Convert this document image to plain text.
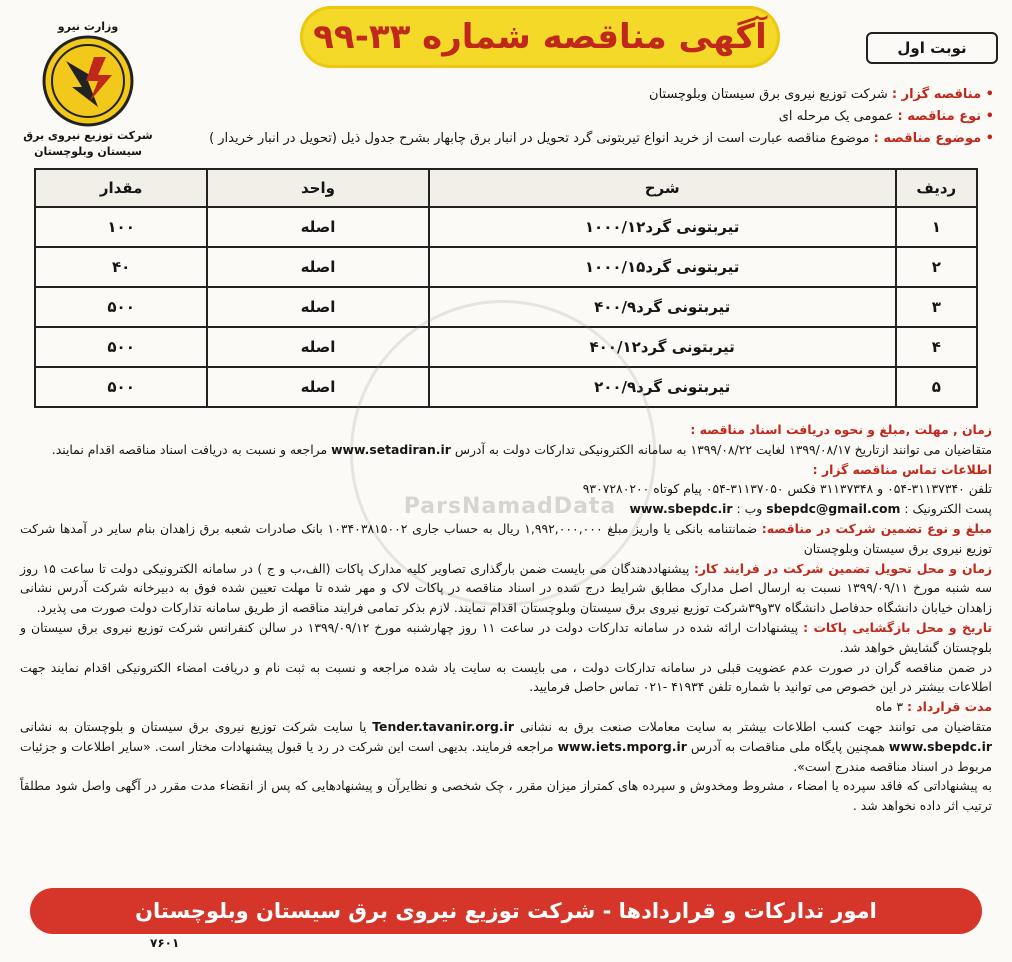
وزارت نیرو
شرکت توزیع نیروی برق
سیستان وبلوچستان
آگهی مناقصه شماره ۳۳-۹۹	نوبت اول
• مناقصه گزار : شرکت توزیع نیروی برق سیستان وبلوچستان
• نوع مناقصه : عمومی یک مرحله ای
• موضوع مناقصه : موضوع مناقصه عبارت است از خرید انواع تیربتونی گرد تحویل در انبار برق چابهار بشرح جدول ذیل (تحویل در انبار خریدار )
ردیف	شرح	واحد	مقدار
۱	تیربتونی گرد۱۰۰۰/۱۲	اصله	۱۰۰
۲	تیربتونی گرد۱۰۰۰/۱۵	اصله	۴۰
۳	تیربتونی گرد۴۰۰/۹	اصله	۵۰۰
۴	تیربتونی گرد۴۰۰/۱۲	اصله	۵۰۰
۵	تیربتونی گرد۲۰۰/۹	اصله	۵۰۰

زمان , مهلت ,مبلغ و نحوه دریافت اسناد مناقصه :
متقاضیان می توانند ازتاریخ ۱۳۹۹/۰۸/۱۷ لغایت ۱۳۹۹/۰۸/۲۲ به سامانه الکترونیکی تدارکات دولت به آدرس www.setadiran.ir مراجعه و نسبت به دریافت اسناد مناقصه اقدام نمایند.

اطلاعات تماس مناقصه گزار :
تلفن ۳۱۱۳۷۳۴۰-۰۵۴ و ۳۱۱۳۷۳۴۸ فکس ۳۱۱۳۷۰۵۰-۰۵۴ پیام کوتاه ۹۳۰۷۲۸۰۲۰۰
پست الکترونیک : sbepdc@gmail.com وب : www.sbepdc.ir

مبلغ و نوع تضمین شرکت در مناقصه: ضمانتنامه بانکی یا واریز مبلغ ۱,۹۹۲,۰۰۰,۰۰۰ ریال به حساب جاری ۱۰۳۴۰۳۸۱۵۰۰۲ بانک صادرات شعبه برق زاهدان بنام سایر در آمدها شرکت توزیع نیروی برق سیستان وبلوچستان

زمان و محل تحویل تضمین شرکت در فرایند کار: پیشنهاددهندگان می بایست ضمن بارگذاری تصاویر کلیه مدارک پاکات (الف،ب و ج ) در سامانه الکترونیکی دولت تا ساعت ۱۵ روز سه شنبه مورخ ۱۳۹۹/۰۹/۱۱ نسبت به ارسال اصل مدارک مطابق شرایط درج شده در اسناد مناقصه در پاکات لاک و مهر شده تا مهلت تعیین شده فوق به دبیرخانه شرکت آدرس نشانی زاهدان خیابان دانشگاه حدفاصل دانشگاه ۳۷و۳۹شرکت توزیع نیروی برق سیستان وبلوچستان اقدام نمایند. لازم بذکر تمامی فرایند مناقصه از طریق سامانه تدارکات دولت صورت می پذیرد.

تاریخ و محل بازگشایی پاکات : پیشنهادات ارائه شده در سامانه تدارکات دولت در ساعت ۱۱ روز چهارشنبه مورخ ۱۳۹۹/۰۹/۱۲ در سالن کنفرانس شرکت توزیع نیروی برق سیستان و بلوچستان گشایش خواهد شد.

در ضمن مناقصه گران در صورت عدم عضویت قبلی در سامانه تدارکات دولت ، می بایست به سایت یاد شده مراجعه و نسبت به ثبت نام و دریافت امضاء الکترونیکی اقدام نمایند جهت اطلاعات بیشتر در این خصوص می توانید با شماره تلفن ۴۱۹۳۴ -۰۲۱ تماس حاصل فرمایید.

مدت قرارداد : ۳ ماه

متقاضیان می توانند جهت کسب اطلاعات بیشتر به سایت معاملات صنعت برق به نشانی Tender.tavanir.org.ir یا سایت شرکت توزیع نیروی برق سیستان و بلوچستان به نشانی www.sbepdc.ir همچنین پایگاه ملی مناقصات به آدرس www.iets.mporg.ir مراجعه فرمایند. بدیهی است این شرکت در رد یا قبول پیشنهادات مختار است. «سایر اطلاعات و جزئیات مربوط در اسناد مناقصه مندرج است».

به پیشنهاداتی که فاقد سپرده یا امضاء ، مشروط ومخدوش و سپرده های کمتراز میزان مقرر ، چک شخصی و نظایرآن و پیشنهادهایی که پس از انقضاء مدت مقرر در آگهی واصل شود مطلقاً ترتیب اثر داده نخواهد شد .

ParsNamadData
امور تدارکات و قراردادها - شرکت توزیع نیروی برق سیستان وبلوچستان
۷۶۰۱
